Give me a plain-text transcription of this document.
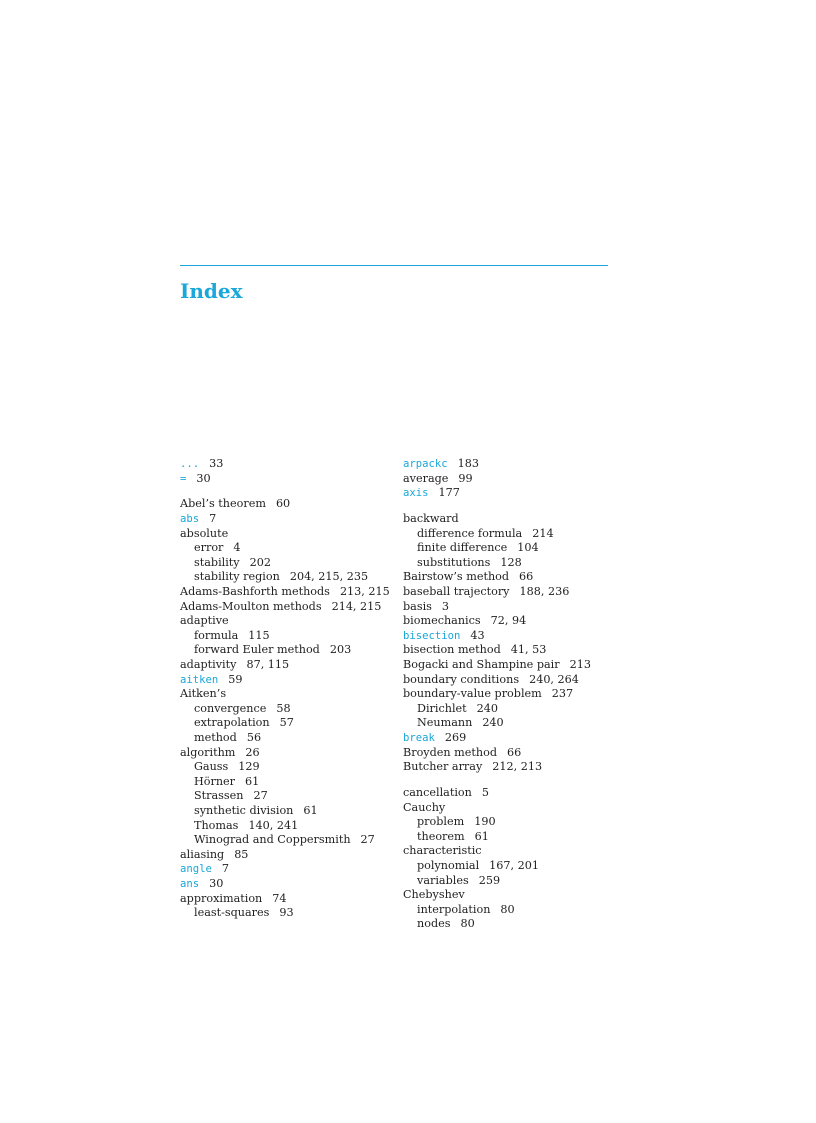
Index
... 33
= 30
Abel’s theorem 60
abs 7
absolute
error 4
stability 202
stability region 204, 215, 235
Adams-Bashforth methods 213, 215
Adams-Moulton methods 214, 215
adaptive
formula 115
forward Euler method 203
adaptivity 87, 115
aitken 59
Aitken’s
convergence 58
extrapolation 57
method 56
algorithm 26
Gauss 129
Hörner 61
Strassen 27
synthetic division 61
Thomas 140, 241
Winograd and Coppersmith 27
aliasing 85
angle 7
ans 30
approximation 74
least-squares 93
arpackc 183
average 99
axis 177
backward
difference formula 214
finite difference 104
substitutions 128
Bairstow’s method 66
baseball trajectory 188, 236
basis 3
biomechanics 72, 94
bisection 43
bisection method 41, 53
Bogacki and Shampine pair 213
boundary conditions 240, 264
boundary-value problem 237
Dirichlet 240
Neumann 240
break 269
Broyden method 66
Butcher array 212, 213
cancellation 5
Cauchy
problem 190
theorem 61
characteristic
polynomial 167, 201
variables 259
Chebyshev
interpolation 80
nodes 80
